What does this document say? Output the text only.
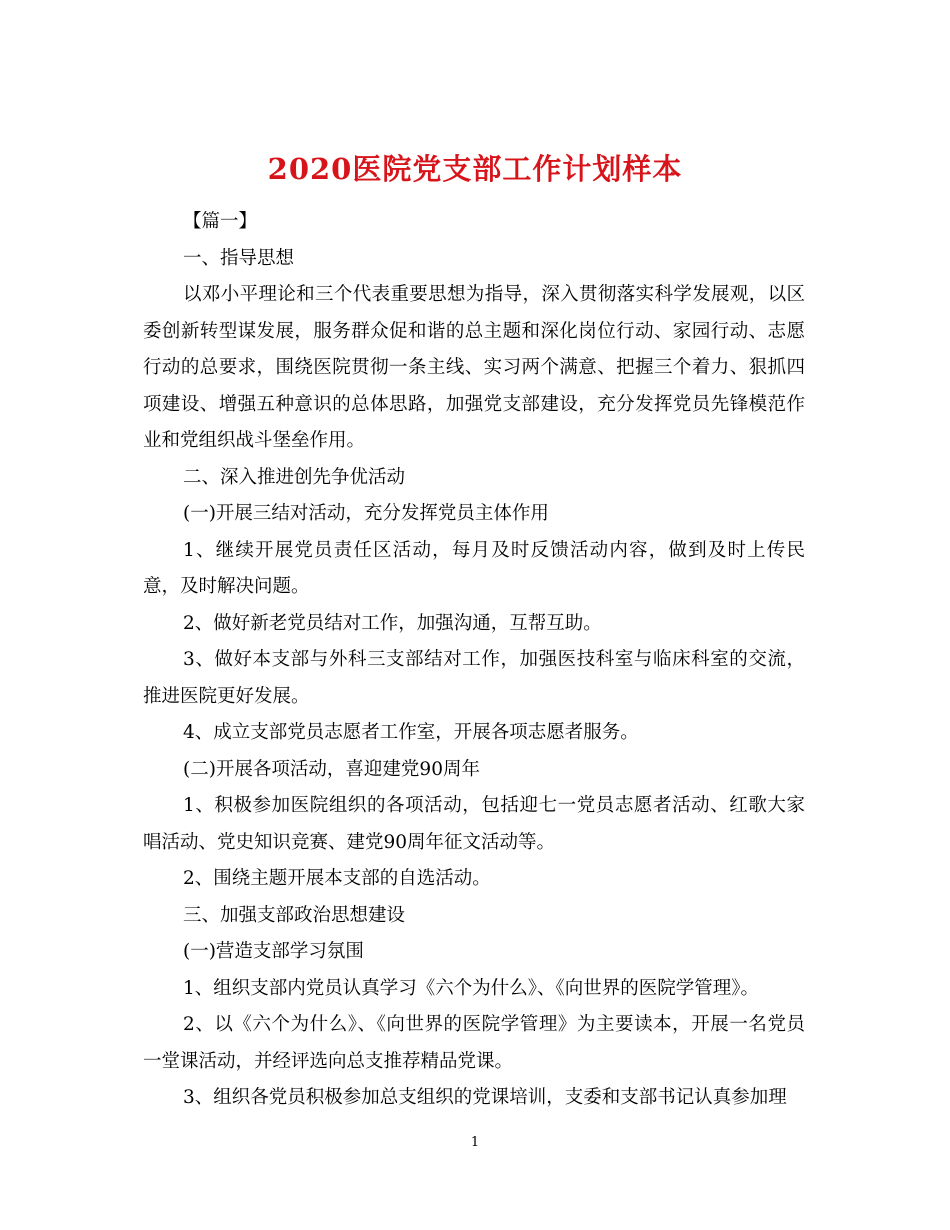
2020医院党支部工作计划样本

【篇一】

一、指导思想

以邓小平理论和三个代表重要思想为指导，深入贯彻落实科学发展观，以区委创新转型谋发展，服务群众促和谐的总主题和深化岗位行动、家园行动、志愿行动的总要求，围绕医院贯彻一条主线、实习两个满意、把握三个着力、狠抓四项建设、增强五种意识的总体思路，加强党支部建设，充分发挥党员先锋模范作业和党组织战斗堡垒作用。

二、深入推进创先争优活动

(一)开展三结对活动，充分发挥党员主体作用

1、继续开展党员责任区活动，每月及时反馈活动内容，做到及时上传民意，及时解决问题。

2、做好新老党员结对工作，加强沟通，互帮互助。

3、做好本支部与外科三支部结对工作，加强医技科室与临床科室的交流，推进医院更好发展。

4、成立支部党员志愿者工作室，开展各项志愿者服务。

(二)开展各项活动，喜迎建党90周年

1、积极参加医院组织的各项活动，包括迎七一党员志愿者活动、红歌大家唱活动、党史知识竞赛、建党90周年征文活动等。

2、围绕主题开展本支部的自选活动。

三、加强支部政治思想建设

(一)营造支部学习氛围

1、组织支部内党员认真学习《六个为什么》、《向世界的医院学管理》。

2、以《六个为什么》、《向世界的医院学管理》为主要读本，开展一名党员一堂课活动，并经评选向总支推荐精品党课。

3、组织各党员积极参加总支组织的党课培训，支委和支部书记认真参加理

1
